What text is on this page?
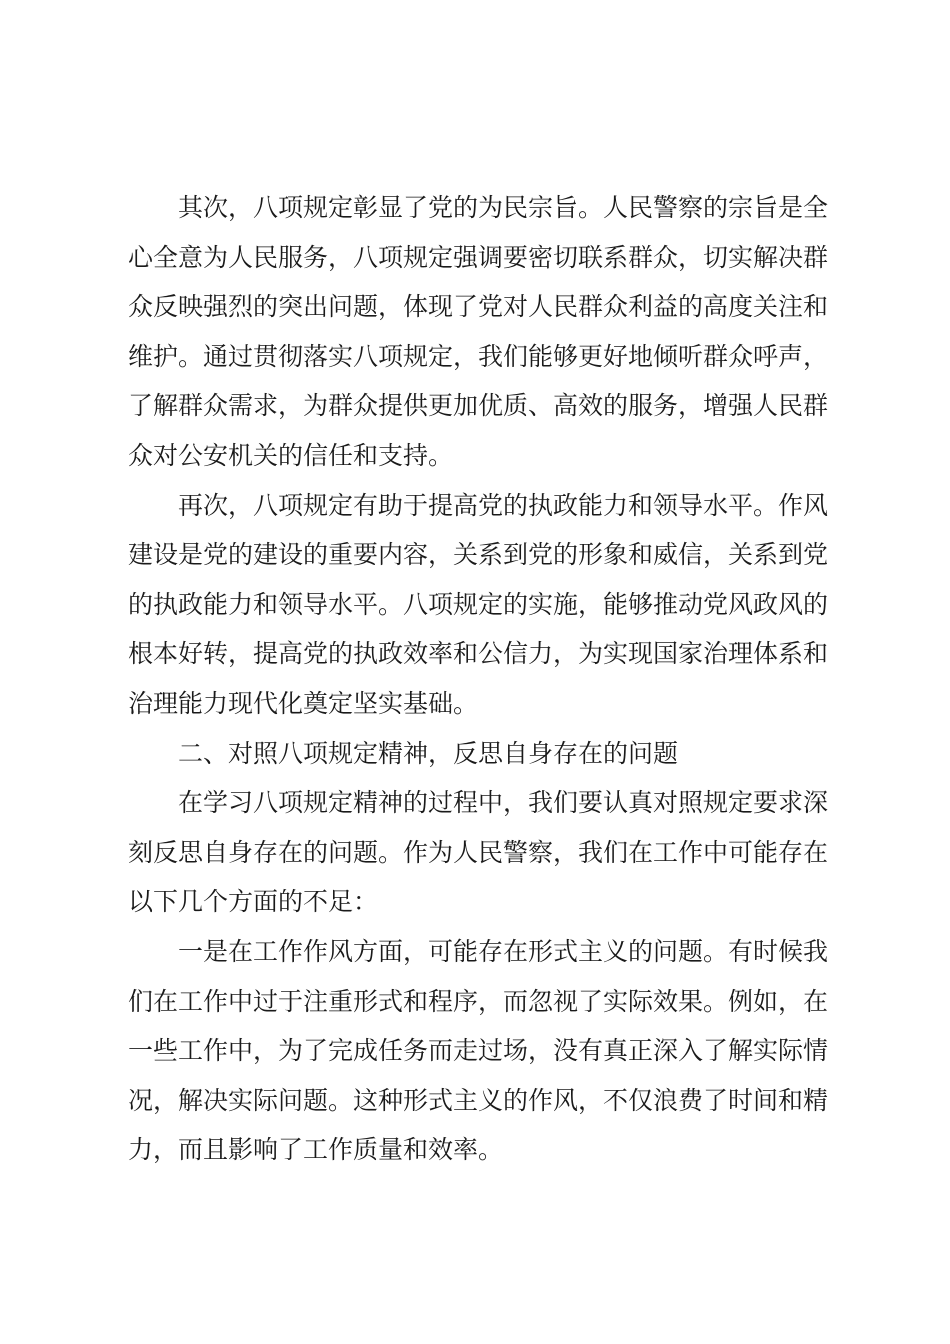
其次，八项规定彰显了党的为民宗旨。人民警察的宗旨是全心全意为人民服务，八项规定强调要密切联系群众，切实解决群众反映强烈的突出问题，体现了党对人民群众利益的高度关注和维护。通过贯彻落实八项规定，我们能够更好地倾听群众呼声，了解群众需求，为群众提供更加优质、高效的服务，增强人民群众对公安机关的信任和支持。

再次，八项规定有助于提高党的执政能力和领导水平。作风建设是党的建设的重要内容，关系到党的形象和威信，关系到党的执政能力和领导水平。八项规定的实施，能够推动党风政风的根本好转，提高党的执政效率和公信力，为实现国家治理体系和治理能力现代化奠定坚实基础。

二、对照八项规定精神，反思自身存在的问题

在学习八项规定精神的过程中，我们要认真对照规定要求深刻反思自身存在的问题。作为人民警察，我们在工作中可能存在以下几个方面的不足：

一是在工作作风方面，可能存在形式主义的问题。有时候我们在工作中过于注重形式和程序，而忽视了实际效果。例如，在一些工作中，为了完成任务而走过场，没有真正深入了解实际情况，解决实际问题。这种形式主义的作风，不仅浪费了时间和精力，而且影响了工作质量和效率。
